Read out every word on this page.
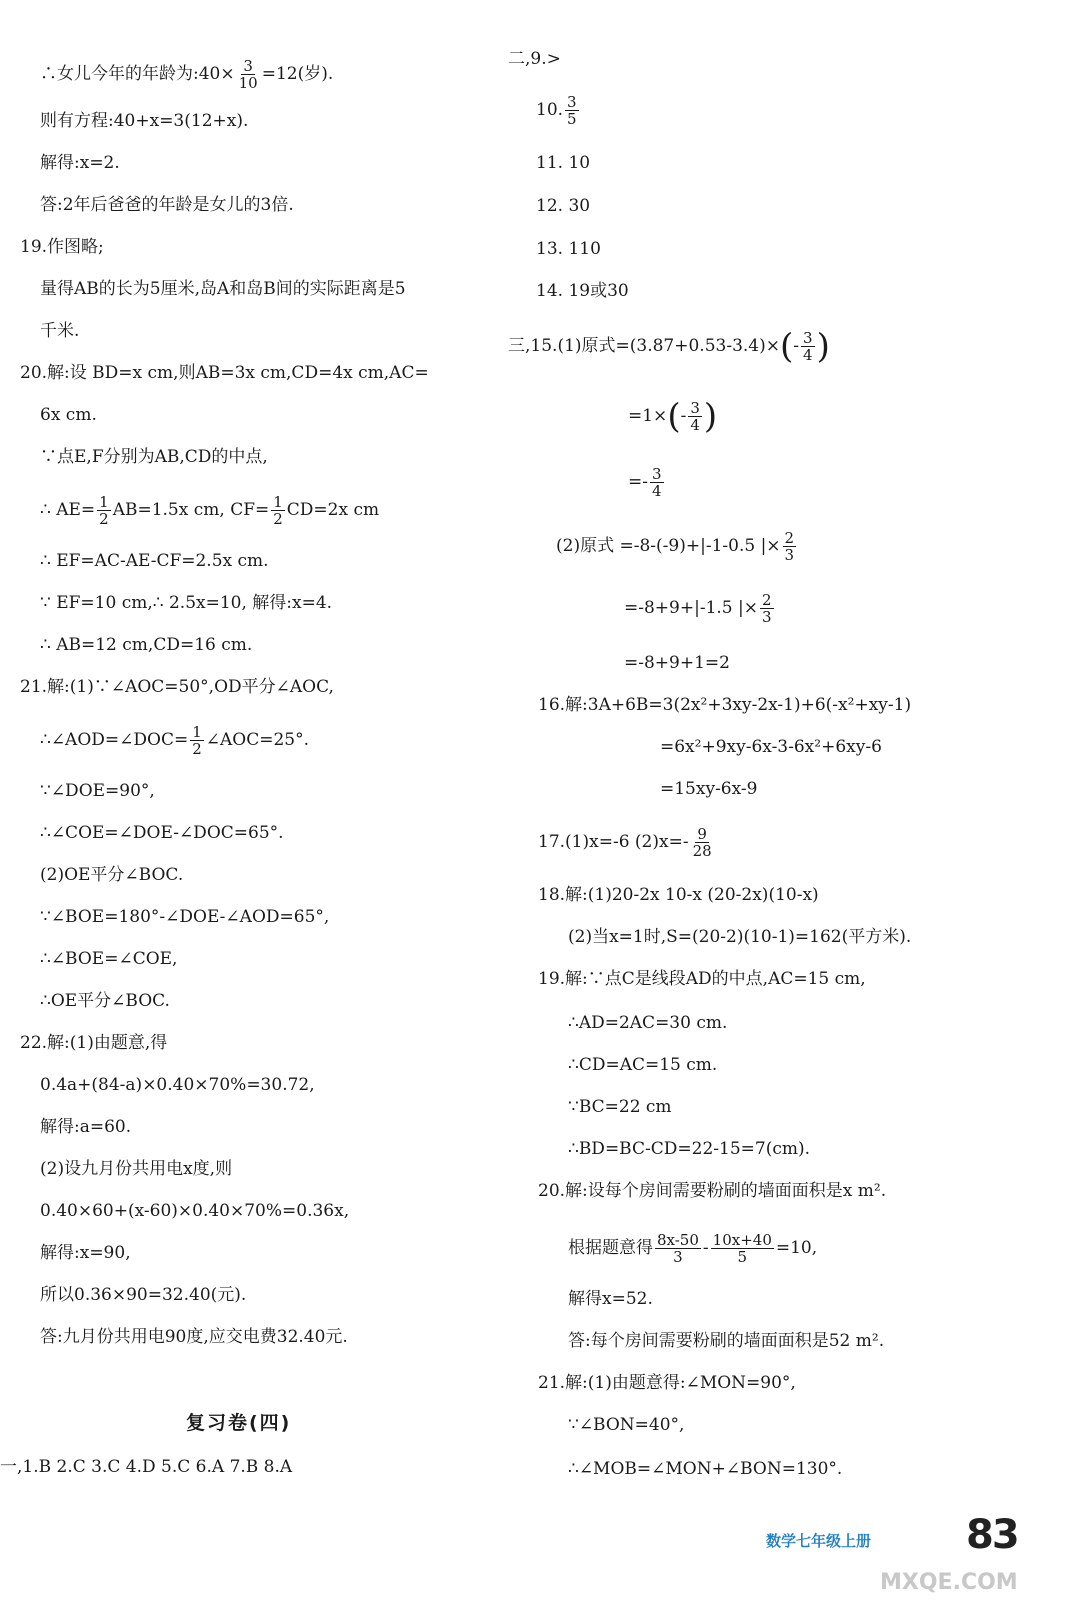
∴女儿今年的年龄为:40× $\frac{3}{10} =12$(岁).
则有方程:40+x=3(12+x).
解得:x=2.
答:2年后爸爸的年龄是女儿的3倍.
19.作图略;
量得AB的长为5厘米,岛A和岛B间的实际距离是5
千米.
20.解:设 BD=x cm,则AB=3x cm,CD=4x cm,AC=
6x cm.
∵点E,F分别为AB,CD的中点,
∴ $AE= \frac{1}{2} AB=1.5x$ cm, $CF= \frac{1}{2} CD=2x$ cm
∴ EF=AC-AE-CF=2.5x cm.
∵ EF=10 cm,∴ 2.5x=10, 解得:x=4.
∴ AB=12 cm,CD=16 cm.
21.解:(1)∵∠AOC=50°,OD平分∠AOC,
∴∠AOD=∠DOC= $\frac{1}{2}$ ∠AOC=25°.
∵∠DOE=90°,
∴∠COE=∠DOE-∠DOC=65°.
(2)OE平分∠BOC.
∵∠BOE=180°-∠DOE-∠AOD=65°,
∴∠BOE=∠COE,
∴OE平分∠BOC.
22.解:(1)由题意,得
0.4a+(84-a)×0.40×70%=30.72,
解得:a=60.
(2)设九月份共用电x度,则
0.40×60+(x-60)×0.40×70%=0.36x,
解得:x=90,
所以0.36×90=32.40(元).
答:九月份共用电90度,应交电费32.40元.
复习卷(四)
一,1.B 2.C 3.C 4.D 5.C 6.A 7.B 8.A
二,9.>
10. $\frac{3}{5}$
11. 10
12. 30
13. 110
14. 19或30
三,15.(1)原式$=(3.87+0.53-3.4)\times(- \frac{3}{4}$ )
$=1\times(- \frac{3}{4}$ )
=- $\frac{3}{4}$
(2)原式 =-8-(-9)+|-1-0.5 |× $\frac{2}{3}$
=-8+9+|-1.5 |× $\frac{2}{3}$
=-8+9+1=2
16.解:3A+6B=3(2x²+3xy-2x-1)+6(-x²+xy-1)
=6x²+9xy-6x-3-6x²+6xy-6
=15xy-6x-9
17.(1)x=-6 $(2)x=- \frac{9}{28}$
18.解:(1)20-2x 10-x (20-2x)(10-x)
(2)当x=1时,S=(20-2)(10-1)=162(平方米).
19.解:∵点C是线段AD的中点,AC=15 cm,
∴AD=2AC=30 cm.
∴CD=AC=15 cm.
∵BC=22 cm
∴BD=BC-CD=22-15=7(cm).
20.解:设每个房间需要粉刷的墙面面积是x m².
根据题意得 $\frac{8x-50}{3} - \frac{10x+40}{5} =10$,
解得x=52.
答:每个房间需要粉刷的墙面面积是52 m².
21.解:(1)由题意得:∠MON=90°,
∵∠BON=40°,
∴∠MOB=∠MON+∠BON=130°.
数学七年级上册 83
MXQE.COM
